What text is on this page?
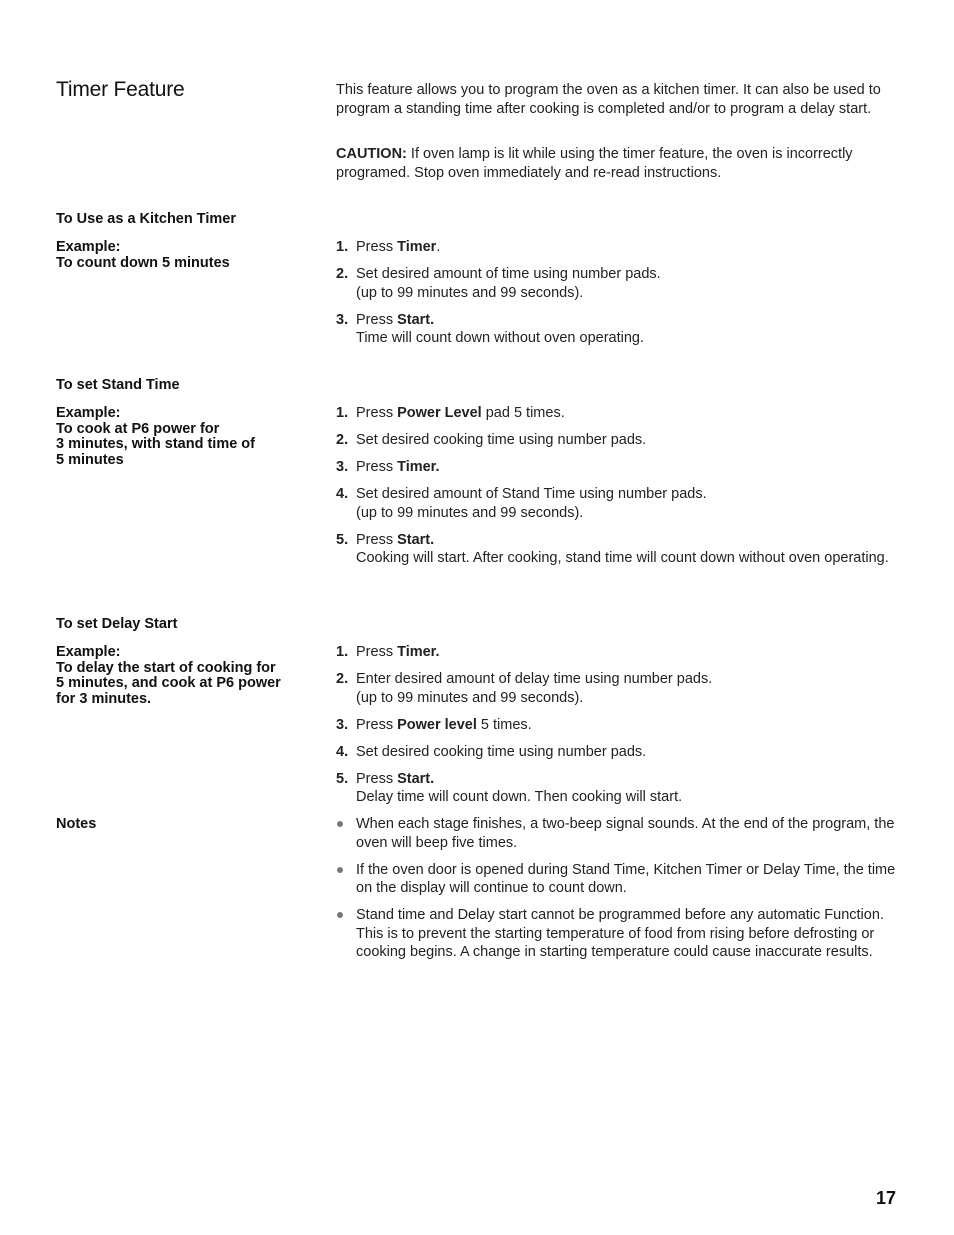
Timer Feature	This feature allows you to program the oven as a kitchen timer. It can also be used to program a standing time after cooking is completed and/or to program a delay start.
CAUTION: If oven lamp is lit while using the timer feature, the oven is incorrectly programed. Stop oven immediately and re-read instructions.
To Use as a Kitchen Timer
Example:
To count down 5 minutes
1. Press Timer.
2. Set desired amount of time using number pads.
(up to 99 minutes and 99 seconds).
3. Press Start.
Time will count down without oven operating.
To set Stand Time
Example:
To cook at P6 power for
3 minutes, with stand time of
5 minutes
1. Press Power Level pad 5 times.
2. Set desired cooking time using number pads.
3. Press Timer.
4. Set desired amount of Stand Time using number pads.
(up to 99 minutes and 99 seconds).
5. Press Start.
Cooking will start. After cooking, stand time will count down without oven operating.
To set Delay Start
Example:
To delay the start of cooking for
5 minutes, and cook at P6 power
for 3 minutes.
1. Press Timer.
2. Enter desired amount of delay time using number pads.
(up to 99 minutes and 99 seconds).
3. Press Power level 5 times.
4. Set desired cooking time using number pads.
5. Press Start.
Delay time will count down. Then cooking will start.
Notes	When each stage finishes, a two-beep signal sounds. At the end of the program, the oven will beep five times.
If the oven door is opened during Stand Time, Kitchen Timer or Delay Time, the time on the display will continue to count down.
Stand time and Delay start cannot be programmed before any automatic Function. This is to prevent the starting temperature of food from rising before defrosting or cooking begins. A change in starting temperature could cause inaccurate results.
17
